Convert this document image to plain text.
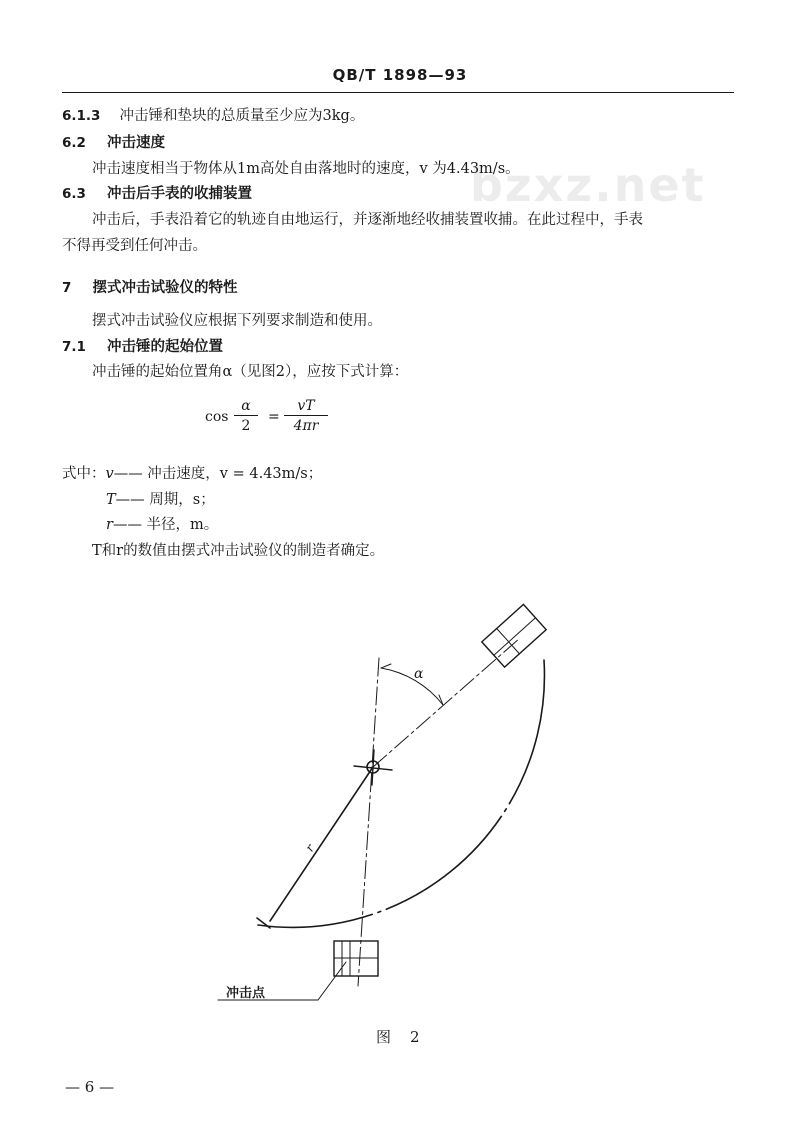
QB/T 1898—93
bzxz.net
6.1.3 冲击锤和垫块的总质量至少应为3kg。
6.2 冲击速度
冲击速度相当于物体从1m高处自由落地时的速度，v 为4.43m/s。
6.3 冲击后手表的收捕装置
冲击后，手表沿着它的轨迹自由地运行，并逐渐地经收捕装置收捕。在此过程中，手表
不得再受到任何冲击。
7 摆式冲击试验仪的特性
摆式冲击试验仪应根据下列要求制造和使用。
7.1 冲击锤的起始位置
冲击锤的起始位置角α（见图2），应按下式计算：
$\cos \frac{\alpha}{2} = \frac{vT}{4\pi r}$
式中：v—— 冲击速度，v = 4.43m/s；
T—— 周期，s；
r—— 半径，m。
T和r的数值由摆式冲击试验仪的制造者确定。
α
r
冲击点
图　2
— 6 —
